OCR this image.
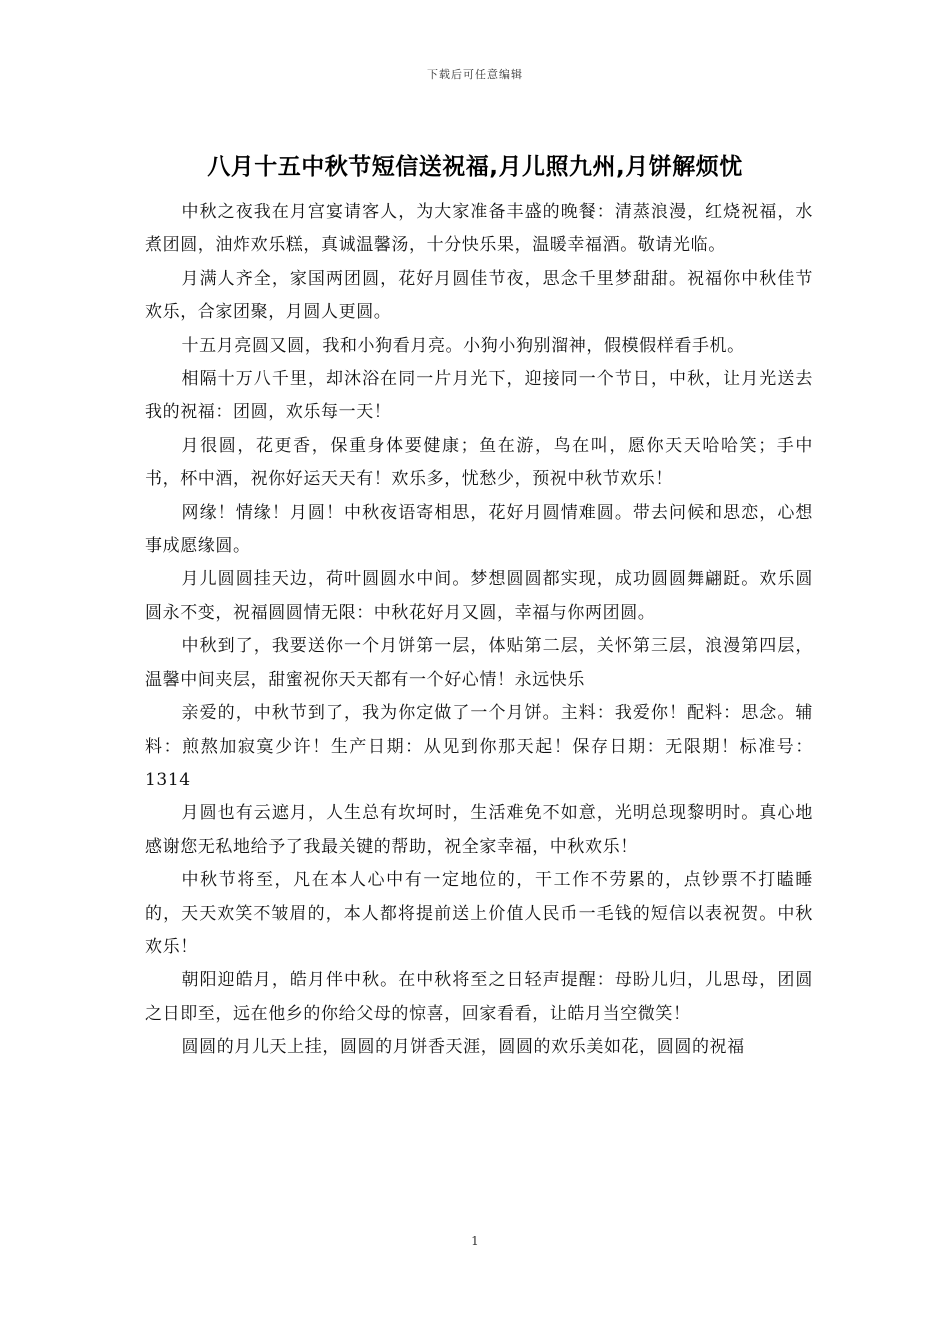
下载后可任意编辑
八月十五中秋节短信送祝福,月儿照九州,月饼解烦忧

中秋之夜我在月宫宴请客人，为大家准备丰盛的晚餐：清蒸浪漫，红烧祝福，水煮团圆，油炸欢乐糕，真诚温馨汤，十分快乐果，温暖幸福酒。敬请光临。

月满人齐全，家国两团圆，花好月圆佳节夜，思念千里梦甜甜。祝福你中秋佳节欢乐，合家团聚，月圆人更圆。

十五月亮圆又圆，我和小狗看月亮。小狗小狗别溜神，假模假样看手机。

相隔十万八千里，却沐浴在同一片月光下，迎接同一个节日，中秋，让月光送去我的祝福：团圆，欢乐每一天！

月很圆，花更香，保重身体要健康；鱼在游，鸟在叫，愿你天天哈哈笑；手中书，杯中酒，祝你好运天天有！欢乐多，忧愁少，预祝中秋节欢乐！

网缘！情缘！月圆！中秋夜语寄相思，花好月圆情难圆。带去问候和思恋，心想事成愿缘圆。

月儿圆圆挂天边，荷叶圆圆水中间。梦想圆圆都实现，成功圆圆舞翩跹。欢乐圆圆永不变，祝福圆圆情无限：中秋花好月又圆，幸福与你两团圆。

中秋到了，我要送你一个月饼第一层，体贴第二层，关怀第三层，浪漫第四层，温馨中间夹层，甜蜜祝你天天都有一个好心情！永远快乐

亲爱的，中秋节到了，我为你定做了一个月饼。主料：我爱你！配料：思念。辅料：煎熬加寂寞少许！生产日期：从见到你那天起！保存日期：无限期！标准号：1314

月圆也有云遮月，人生总有坎坷时，生活难免不如意，光明总现黎明时。真心地感谢您无私地给予了我最关键的帮助，祝全家幸福，中秋欢乐！

中秋节将至，凡在本人心中有一定地位的，干工作不劳累的，点钞票不打瞌睡的，天天欢笑不皱眉的，本人都将提前送上价值人民币一毛钱的短信以表祝贺。中秋欢乐！

朝阳迎皓月，皓月伴中秋。在中秋将至之日轻声提醒：母盼儿归，儿思母，团圆之日即至，远在他乡的你给父母的惊喜，回家看看，让皓月当空微笑！

圆圆的月儿天上挂，圆圆的月饼香天涯，圆圆的欢乐美如花，圆圆的祝福

1
